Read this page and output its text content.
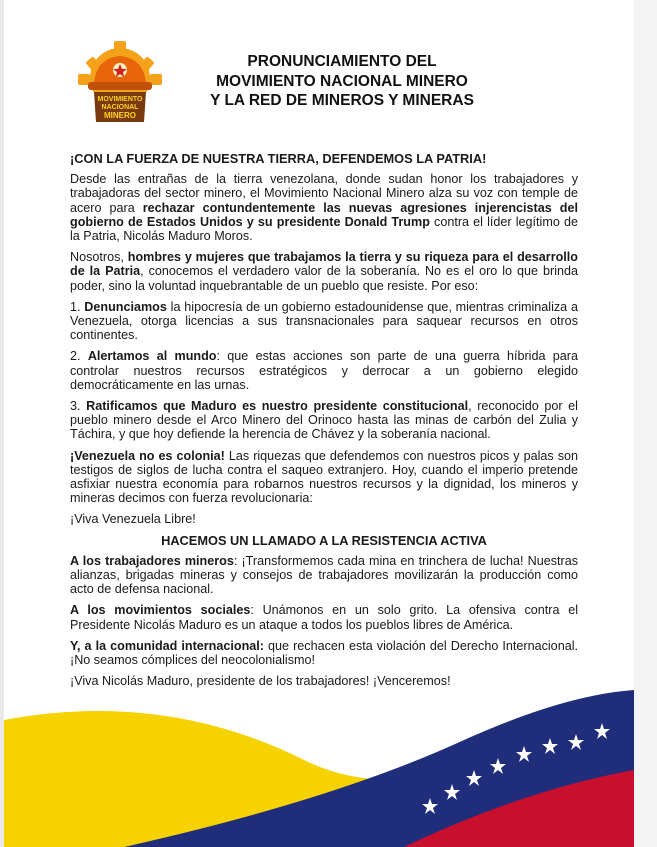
MOVIMIENTO
NACIONAL
MINERO
PRONUNCIAMIENTO DEL
MOVIMIENTO NACIONAL MINERO
Y LA RED DE MINEROS Y MINERAS

¡CON LA FUERZA DE NUESTRA TIERRA, DEFENDEMOS LA PATRIA!

Desde las entrañas de la tierra venezolana, donde sudan honor los trabajadores y trabajadoras del sector minero, el Movimiento Nacional Minero alza su voz con temple de acero para rechazar contundentemente las nuevas agresiones injerencistas del gobierno de Estados Unidos y su presidente Donald Trump contra el líder legítimo de la Patria, Nicolás Maduro Moros.

Nosotros, hombres y mujeres que trabajamos la tierra y su riqueza para el desarrollo de la Patria, conocemos el verdadero valor de la soberanía. No es el oro lo que brinda poder, sino la voluntad inquebrantable de un pueblo que resiste. Por eso:

1. Denunciamos la hipocresía de un gobierno estadounidense que, mientras criminaliza a Venezuela, otorga licencias a sus transnacionales para saquear recursos en otros continentes.

2. Alertamos al mundo: que estas acciones son parte de una guerra híbrida para controlar nuestros recursos estratégicos y derrocar a un gobierno elegido democráticamente en las urnas.

3. Ratificamos que Maduro es nuestro presidente constitucional, reconocido por el pueblo minero desde el Arco Minero del Orinoco hasta las minas de carbón del Zulia y Táchira, y que hoy defiende la herencia de Chávez y la soberanía nacional.

¡Venezuela no es colonia! Las riquezas que defendemos con nuestros picos y palas son testigos de siglos de lucha contra el saqueo extranjero. Hoy, cuando el imperio pretende asfixiar nuestra economía para robarnos nuestros recursos y la dignidad, los mineros y mineras decimos con fuerza revolucionaria:

¡Viva Venezuela Libre!

HACEMOS UN LLAMADO A LA RESISTENCIA ACTIVA

A los trabajadores mineros: ¡Transformemos cada mina en trinchera de lucha! Nuestras alianzas, brigadas mineras y consejos de trabajadores movilizarán la producción como acto de defensa nacional.

A los movimientos sociales: Unámonos en un solo grito. La ofensiva contra el Presidente Nicolás Maduro es un ataque a todos los pueblos libres de América.

Y, a la comunidad internacional: que rechacen esta violación del Derecho Internacional. ¡No seamos cómplices del neocolonialismo!

¡Viva Nicolás Maduro, presidente de los trabajadores! ¡Venceremos!
